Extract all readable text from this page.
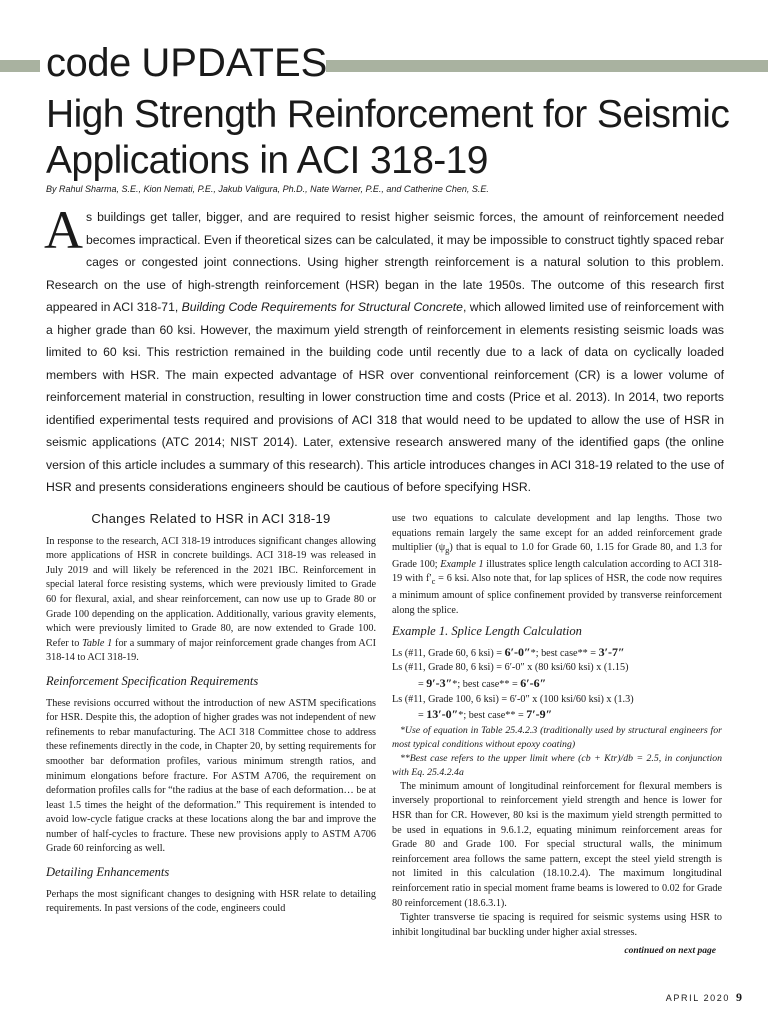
code UPDATES
High Strength Reinforcement for Seismic Applications in ACI 318-19
By Rahul Sharma, S.E., Kion Nemati, P.E., Jakub Valigura, Ph.D., Nate Warner, P.E., and Catherine Chen, S.E.

As buildings get taller, bigger, and are required to resist higher seismic forces, the amount of reinforcement needed becomes impractical. Even if theoretical sizes can be calculated, it may be impossible to construct tightly spaced rebar cages or congested joint connections. Using higher strength reinforcement is a natural solution to this problem. Research on the use of high-strength reinforcement (HSR) began in the late 1950s. The outcome of this research first appeared in ACI 318-71, Building Code Requirements for Structural Concrete, which allowed limited use of reinforcement with a higher grade than 60 ksi. However, the maximum yield strength of reinforcement in elements resisting seismic loads was limited to 60 ksi. This restriction remained in the building code until recently due to a lack of data on cyclically loaded members with HSR. The main expected advantage of HSR over conventional reinforcement (CR) is a lower volume of reinforcement material in construction, resulting in lower construction time and costs (Price et al. 2013). In 2014, two reports identified experimental tests required and provisions of ACI 318 that would need to be updated to allow the use of HSR in seismic applications (ATC 2014; NIST 2014). Later, extensive research answered many of the identified gaps (the online version of this article includes a summary of this research). This article introduces changes in ACI 318-19 related to the use of HSR and presents considerations engineers should be cautious of before specifying HSR.

Changes Related to HSR in ACI 318-19

In response to the research, ACI 318-19 introduces significant changes allowing more applications of HSR in concrete buildings. ACI 318-19 was released in July 2019 and will likely be referenced in the 2021 IBC. Reinforcement in special lateral force resisting systems, which were previously limited to Grade 60 for flexural, axial, and shear reinforcement, can now use up to Grade 80 or Grade 100 depending on the application. Additionally, various gravity elements, which were previously limited to Grade 80, are now extended to Grade 100. Refer to Table 1 for a summary of major reinforcement grade changes from ACI 318-14 to ACI 318-19.

Reinforcement Specification Requirements

These revisions occurred without the introduction of new ASTM specifications for HSR. Despite this, the adoption of higher grades was not independent of new refinements to rebar manufacturing. The ACI 318 Committee chose to address these refinements directly in the code, in Chapter 20, by setting requirements for smoother bar deformation profiles, various minimum strength ratios, and minimum elongations before fracture. For ASTM A706, the requirement on deformation profiles calls for “the radius at the base of each deformation… be at least 1.5 times the height of the deformation.” This requirement is intended to avoid low-cycle fatigue cracks at these locations along the bar and improve the number of half-cycles to fracture. These new provisions apply to ASTM A706 Grade 60 reinforcing as well.

Detailing Enhancements

Perhaps the most significant changes to designing with HSR relate to detailing requirements. In past versions of the code, engineers could

use two equations to calculate development and lap lengths. Those two equations remain largely the same except for an added reinforcement grade multiplier $(\psi_g)$ that is equal to 1.0 for Grade 60, 1.15 for Grade 80, and 1.3 for Grade 100; Example 1 illustrates splice length calculation according to ACI 318-19 with $f'_c = 6$ ksi. Also note that, for lap splices of HSR, the code now requires a minimum amount of splice confinement provided by transverse reinforcement along the splice.

Example 1. Splice Length Calculation

Ls (#11, Grade 60, 6 ksi) = 6′-0″*; best case** = 3′-7″

Ls (#11, Grade 80, 6 ksi) = 6′-0″ x (80 ksi/60 ksi) x (1.15)

= 9′-3″*; best case** = 6′-6″

Ls (#11, Grade 100, 6 ksi) = 6′-0″ x (100 ksi/60 ksi) x (1.3)

= 13′-0″*; best case** = 7′-9″

*Use of equation in Table 25.4.2.3 (traditionally used by structural engineers for most typical conditions without epoxy coating)

**Best case refers to the upper limit where (cb + Ktr)/db = 2.5, in conjunction with Eq. 25.4.2.4a

The minimum amount of longitudinal reinforcement for flexural members is inversely proportional to reinforcement yield strength and hence is lower for HSR than for CR. However, 80 ksi is the maximum yield strength permitted to be used in equations in 9.6.1.2, equating minimum reinforcement areas for Grade 80 and Grade 100. For special structural walls, the minimum reinforcement area follows the same pattern, except the steel yield strength is not limited in this calculation (18.10.2.4). The maximum longitudinal reinforcement ratio in special moment frame beams is lowered to 0.02 for Grade 80 reinforcement (18.6.3.1).

Tighter transverse tie spacing is required for seismic systems using HSR to inhibit longitudinal bar buckling under higher axial stresses.

continued on next page
APRIL 2020 9
